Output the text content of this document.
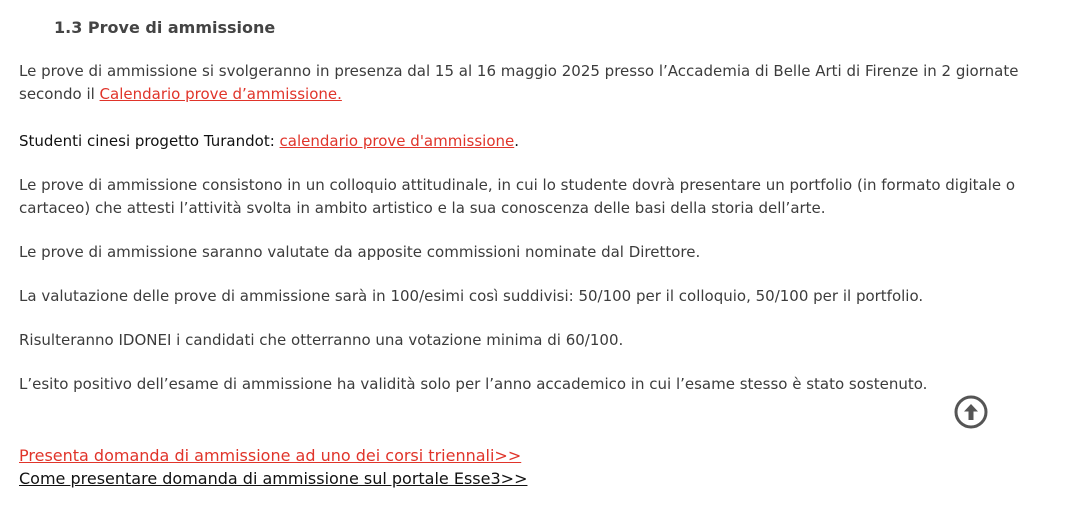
1.3 Prove di ammissione

Le prove di ammissione si svolgeranno in presenza dal 15 al 16 maggio 2025 presso l’Accademia di Belle Arti di Firenze in 2 giornate
secondo il Calendario prove d’ammissione.

Studenti cinesi progetto Turandot: calendario prove d'ammissione.

Le prove di ammissione consistono in un colloquio attitudinale, in cui lo studente dovrà presentare un portfolio (in formato digitale o
cartaceo) che attesti l’attività svolta in ambito artistico e la sua conoscenza delle basi della storia dell’arte.

Le prove di ammissione saranno valutate da apposite commissioni nominate dal Direttore.

La valutazione delle prove di ammissione sarà in 100/esimi così suddivisi: 50/100 per il colloquio, 50/100 per il portfolio.

Risulteranno IDONEI i candidati che otterranno una votazione minima di 60/100.

L’esito positivo dell’esame di ammissione ha validità solo per l’anno accademico in cui l’esame stesso è stato sostenuto.

Presenta domanda di ammissione ad uno dei corsi triennali>>

Come presentare domanda di ammissione sul portale Esse3>>
